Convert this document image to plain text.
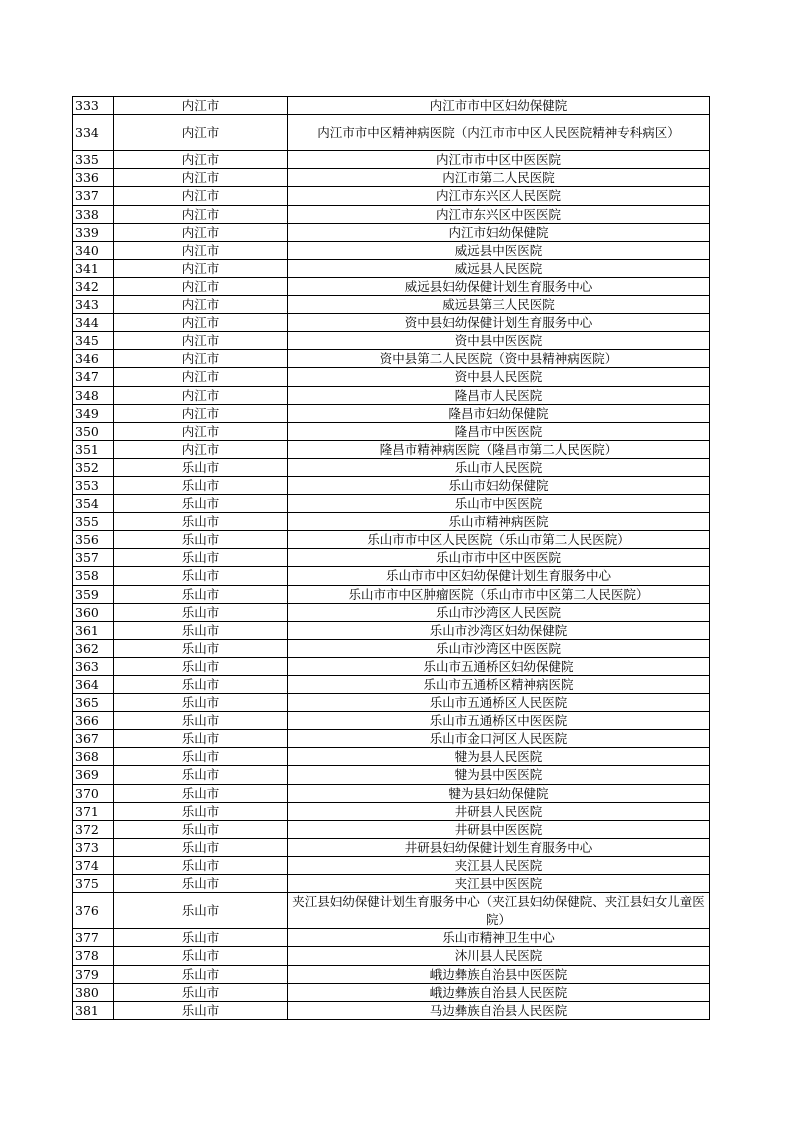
333	内江市	内江市市中区妇幼保健院
334	内江市	内江市市中区精神病医院（内江市市中区人民医院精神专科病区）
335	内江市	内江市市中区中医医院
336	内江市	内江市第二人民医院
337	内江市	内江市东兴区人民医院
338	内江市	内江市东兴区中医医院
339	内江市	内江市妇幼保健院
340	内江市	威远县中医医院
341	内江市	威远县人民医院
342	内江市	威远县妇幼保健计划生育服务中心
343	内江市	威远县第三人民医院
344	内江市	资中县妇幼保健计划生育服务中心
345	内江市	资中县中医医院
346	内江市	资中县第二人民医院（资中县精神病医院）
347	内江市	资中县人民医院
348	内江市	隆昌市人民医院
349	内江市	隆昌市妇幼保健院
350	内江市	隆昌市中医医院
351	内江市	隆昌市精神病医院（隆昌市第二人民医院）
352	乐山市	乐山市人民医院
353	乐山市	乐山市妇幼保健院
354	乐山市	乐山市中医医院
355	乐山市	乐山市精神病医院
356	乐山市	乐山市市中区人民医院（乐山市第二人民医院）
357	乐山市	乐山市市中区中医医院
358	乐山市	乐山市市中区妇幼保健计划生育服务中心
359	乐山市	乐山市市中区肿瘤医院（乐山市市中区第二人民医院）
360	乐山市	乐山市沙湾区人民医院
361	乐山市	乐山市沙湾区妇幼保健院
362	乐山市	乐山市沙湾区中医医院
363	乐山市	乐山市五通桥区妇幼保健院
364	乐山市	乐山市五通桥区精神病医院
365	乐山市	乐山市五通桥区人民医院
366	乐山市	乐山市五通桥区中医医院
367	乐山市	乐山市金口河区人民医院
368	乐山市	犍为县人民医院
369	乐山市	犍为县中医医院
370	乐山市	犍为县妇幼保健院
371	乐山市	井研县人民医院
372	乐山市	井研县中医医院
373	乐山市	井研县妇幼保健计划生育服务中心
374	乐山市	夹江县人民医院
375	乐山市	夹江县中医医院
376	乐山市	夹江县妇幼保健计划生育服务中心（夹江县妇幼保健院、夹江县妇女儿童医院）
377	乐山市	乐山市精神卫生中心
378	乐山市	沐川县人民医院
379	乐山市	峨边彝族自治县中医医院
380	乐山市	峨边彝族自治县人民医院
381	乐山市	马边彝族自治县人民医院
